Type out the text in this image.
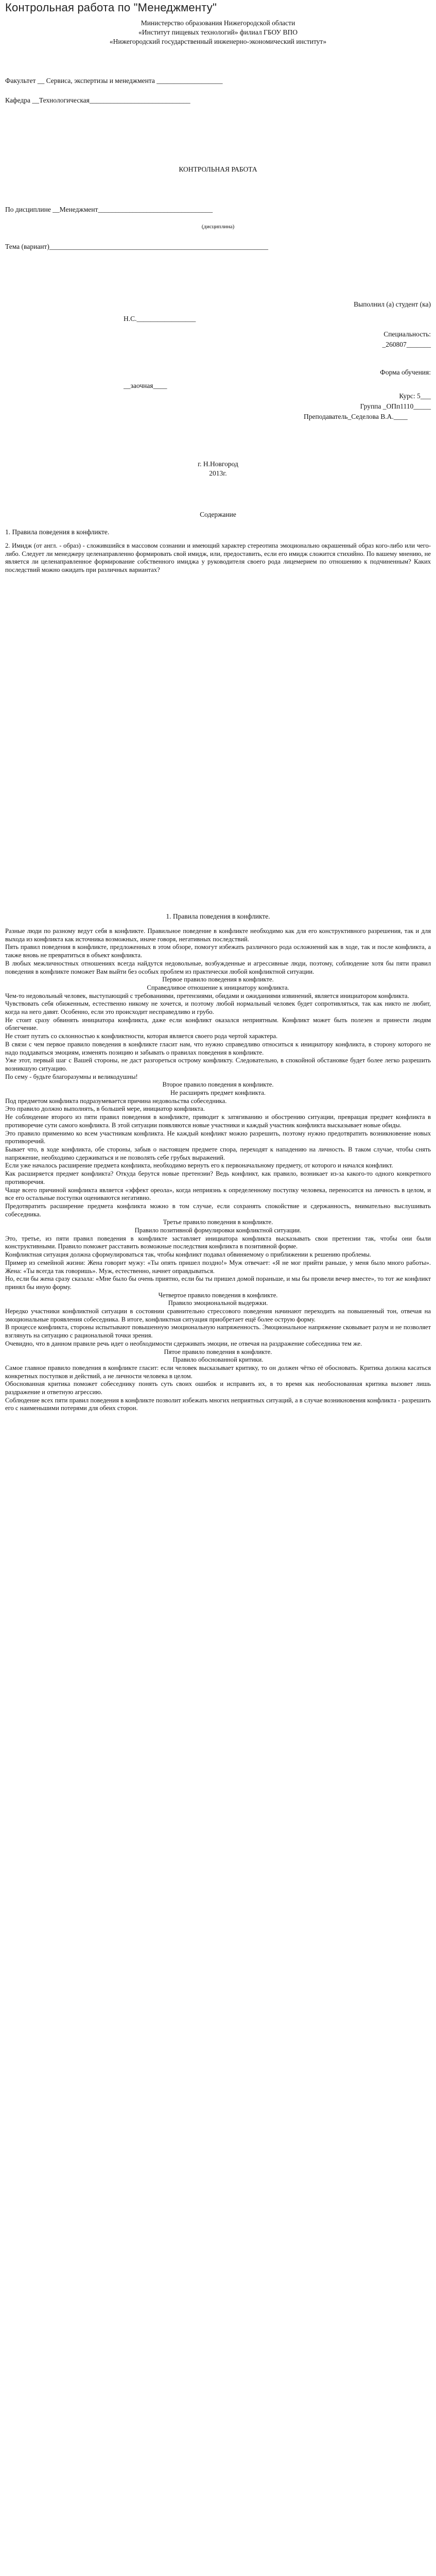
Контрольная работа по "Менеджменту"
Министерство образования Нижегородской области
«Институт пищевых технологий» филиал ГБОУ ВПО
«Нижегородский государственный инженерно-экономический институт»
Факультет __ Сервиса, экспертизы и менеджмента ___________________
Кафедра __Технологическая_____________________________
КОНТРОЛЬНАЯ РАБОТА
По дисциплине __Менеджмент_________________________________
(дисциплина)
Тема (вариант)_______________________________________________________________
Выполнил (а) студент (ка)
Н.С._________________
Специальность:
_260807_______
Форма обучения:
__заочная____
Курс: 5___
Группа _ОПп1110_____
Преподаватель_Седелова В.А.____
г. Н.Новгород
2013г.
Содержание
1. Правила поведения в конфликте.
2. Имидж (от англ. - образ) - сложившийся в массовом сознании и имеющий характер стереотипа эмоционально окрашенный образ кого-либо или чего-либо. Следует ли менеджеру целенаправленно формировать свой имидж, или, предоставить, если его имидж сложится стихийно. По вашему мнению, не является ли целенаправленное формирование собственного имиджа у руководителя своего рода лицемерием по отношению к подчиненным? Каких последствий можно ожидать при различных вариантах?
1. Правила поведения в конфликте.

Разные люди по разному ведут себя в конфликте. Правильное поведение в конфликте необходимо как для его конструктивного разрешения, так и для выхода из конфликта как источника возможных, иначе говоря, негативных последствий.

Пять правил поведения в конфликте, предложенных в этом обзоре, помогут избежать различного рода осложнений как в ходе, так и после конфликта, а также вновь не превратиться в объект конфликта.

В любых межличностных отношениях всегда найдутся недовольные, возбужденные и агрессивные люди, поэтому, соблюдение хотя бы пяти правил поведения в конфликте поможет Вам выйти без особых проблем из практически любой конфликтной ситуации.

Первое правило поведения в конфликте.

Справедливое отношение к инициатору конфликта.

Чем-то недовольный человек, выступающий с требованиями, претензиями, обидами и ожиданиями извинений, является инициатором конфликта.

Чувствовать себя обиженным, естественно никому не хочется, и поэтому любой нормальный человек будет сопротивляться, так как никто не любит, когда на него давят. Особенно, если это происходит несправедливо и грубо.

Не стоит сразу обвинять инициатора конфликта, даже если конфликт оказался неприятным. Конфликт может быть полезен и принести людям облегчение.

Не стоит путать со склонностью к конфликтности, которая является своего рода чертой характера.

В связи с чем первое правило поведения в конфликте гласит нам, что нужно справедливо относиться к инициатору конфликта, в сторону которого не надо поддаваться эмоциям, изменять позицию и забывать о правилах поведения в конфликте.

Уже этот, первый шаг с Вашей стороны, не даст разгореться острому конфликту. Следовательно, в спокойной обстановке будет более легко разрешить возникшую ситуацию.

По сему - будьте благоразумны и великодушны!

Второе правило поведения в конфликте.

Не расширять предмет конфликта.

Под предметом конфликта подразумевается причина недовольства собеседника.

Это правило должно выполнять, в большей мере, инициатор конфликта.

Не соблюдение второго из пяти правил поведения в конфликте, приводит к затягиванию и обострению ситуации, превращая предмет конфликта в противоречие сути самого конфликта. В этой ситуации появляются новые участники и каждый участник конфликта высказывает новые обиды.

Это правило применимо ко всем участникам конфликта. Не каждый конфликт можно разрешить, поэтому нужно предотвратить возникновение новых противоречий.

Бывает что, в ходе конфликта, обе стороны, забыв о настоящем предмете спора, переходят к нападению на личность. В таком случае, чтобы снять напряжение, необходимо сдерживаться и не позволять себе грубых выражений.

Если уже началось расширение предмета конфликта, необходимо вернуть его к первоначальному предмету, от которого и начался конфликт.

Как расширяется предмет конфликта? Откуда берутся новые претензии? Ведь конфликт, как правило, возникает из-за какого-то одного конкретного противоречия.

Чаще всего причиной конфликта является «эффект ореола», когда неприязнь к определенному поступку человека, переносится на личность в целом, и все его остальные поступки оцениваются негативно.

Предотвратить расширение предмета конфликта можно в том случае, если сохранять спокойствие и сдержанность, внимательно выслушивать собеседника.

Третье правило поведения в конфликте.

Правило позитивной формулировки конфликтной ситуации.

Это, третье, из пяти правил поведения в конфликте заставляет инициатора конфликта высказывать свои претензии так, чтобы они были конструктивными. Правило поможет расставить возможные последствия конфликта в позитивной форме.

Конфликтная ситуация должна сформулироваться так, чтобы конфликт подавал обвиняемому о приближении к решению проблемы.

Пример из семейной жизни: Жена говорит мужу: «Ты опять пришел поздно!» Муж отвечает: «Я не мог прийти раньше, у меня было много работы». Жена: «Ты всегда так говоришь». Муж, естественно, начнет оправдываться.

Но, если бы жена сразу сказала: «Мне было бы очень приятно, если бы ты пришел домой пораньше, и мы бы провели вечер вместе», то тот же конфликт принял бы иную форму.

Четвертое правило поведения в конфликте.

Правило эмоциональной выдержки.

Нередко участники конфликтной ситуации в состоянии сравнительно стрессового поведения начинают переходить на повышенный тон, отвечая на эмоциональные проявления собеседника. В итоге, конфликтная ситуация приобретает ещё более острую форму.

В процессе конфликта, стороны испытывают повышенную эмоциональную напряженность. Эмоциональное напряжение сковывает разум и не позволяет взглянуть на ситуацию с рациональной точки зрения.

Очевидно, что в данном правиле речь идет о необходимости сдерживать эмоции, не отвечая на раздражение собеседника тем же.

Пятое правило поведения в конфликте.

Правило обоснованной критики.

Самое главное правило поведения в конфликте гласит: если человек высказывает критику, то он должен чётко её обосновать. Критика должна касаться конкретных поступков и действий, а не личности человека в целом.

Обоснованная критика поможет собеседнику понять суть своих ошибок и исправить их, в то время как необоснованная критика вызовет лишь раздражение и ответную агрессию.

Соблюдение всех пяти правил поведения в конфликте позволит избежать многих неприятных ситуаций, а в случае возникновения конфликта - разрешить его с наименьшими потерями для обеих сторон.
